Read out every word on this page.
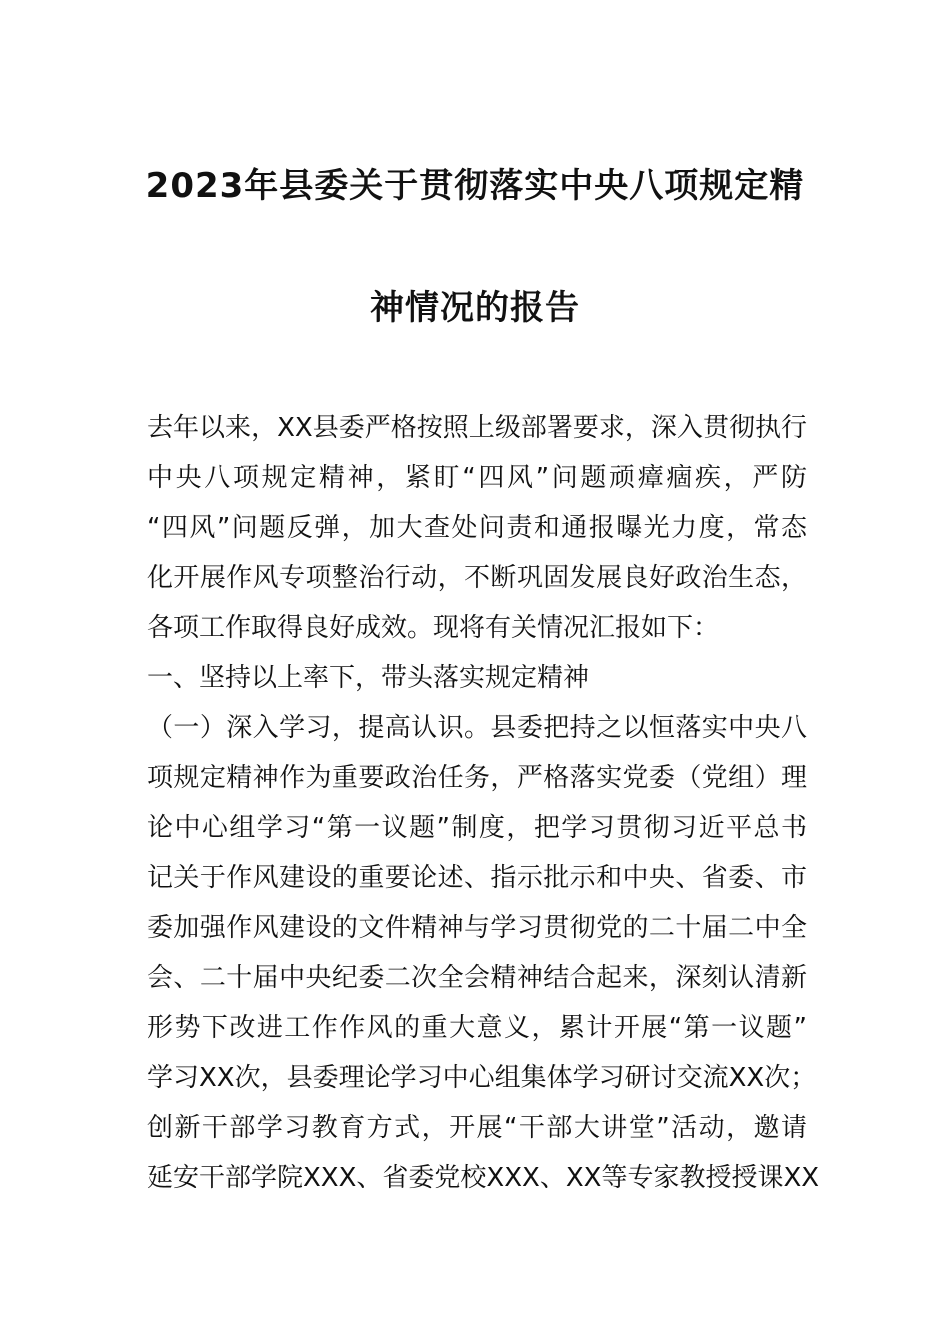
2023年县委关于贯彻落实中央八项规定精
神情况的报告
去年以来，XX县委严格按照上级部署要求，深入贯彻执行
中央八项规定精神，紧盯“四风”问题顽瘴痼疾，严防
“四风”问题反弹，加大查处问责和通报曝光力度，常态
化开展作风专项整治行动，不断巩固发展良好政治生态，
各项工作取得良好成效。现将有关情况汇报如下：
一、坚持以上率下，带头落实规定精神
（一）深入学习，提高认识。县委把持之以恒落实中央八
项规定精神作为重要政治任务，严格落实党委（党组）理
论中心组学习“第一议题”制度，把学习贯彻习近平总书
记关于作风建设的重要论述、指示批示和中央、省委、市
委加强作风建设的文件精神与学习贯彻党的二十届二中全
会、二十届中央纪委二次全会精神结合起来，深刻认清新
形势下改进工作作风的重大意义，累计开展“第一议题”
学习XX次，县委理论学习中心组集体学习研讨交流XX次；
创新干部学习教育方式，开展“干部大讲堂”活动，邀请
延安干部学院XXX、省委党校XXX、XX等专家教授授课XX
